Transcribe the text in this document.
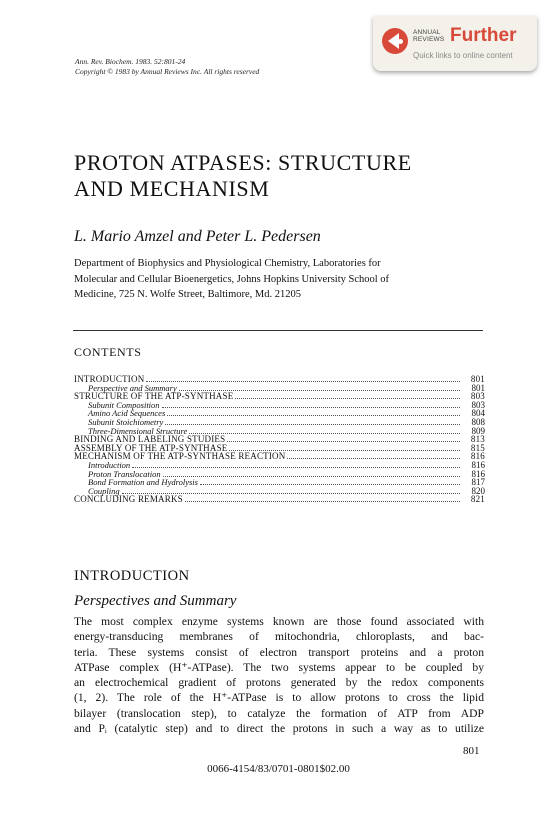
Ann. Rev. Biochem. 1983. 52:801-24
Copyright © 1983 by Annual Reviews Inc. All rights reserved
ANNUAL
REVIEWS Further
Quick links to online content
PROTON ATPASES: STRUCTURE
AND MECHANISM
L. Mario Amzel and Peter L. Pedersen
Department of Biophysics and Physiological Chemistry, Laboratories for
Molecular and Cellular Bioenergetics, Johns Hopkins University School of
Medicine, 725 N. Wolfe Street, Baltimore, Md. 21205
CONTENTS
INTRODUCTION	801
Perspective and Summary	801
STRUCTURE OF THE ATP-SYNTHASE	803
Subunit Composition	803
Amino Acid Sequences	804
Subunit Stoichiometry	808
Three-Dimensional Structure	809
BINDING AND LABELING STUDIES	813
ASSEMBLY OF THE ATP-SYNTHASE	815
MECHANISM OF THE ATP-SYNTHASE REACTION	816
Introduction	816
Proton Translocation	816
Bond Formation and Hydrolysis	817
Coupling	820
CONCLUDING REMARKS	821
INTRODUCTION
Perspectives and Summary
The most complex enzyme systems known are those found associated with
energy-transducing membranes of mitochondria, chloroplasts, and bac-
teria. These systems consist of electron transport proteins and a proton
ATPase complex (H⁺-ATPase). The two systems appear to be coupled by
an electrochemical gradient of protons generated by the redox components
(1, 2). The role of the H⁺-ATPase is to allow protons to cross the lipid
bilayer (translocation step), to catalyze the formation of ATP from ADP
and Pᵢ (catalytic step) and to direct the protons in such a way as to utilize
801
0066-4154/83/0701-0801$02.00
